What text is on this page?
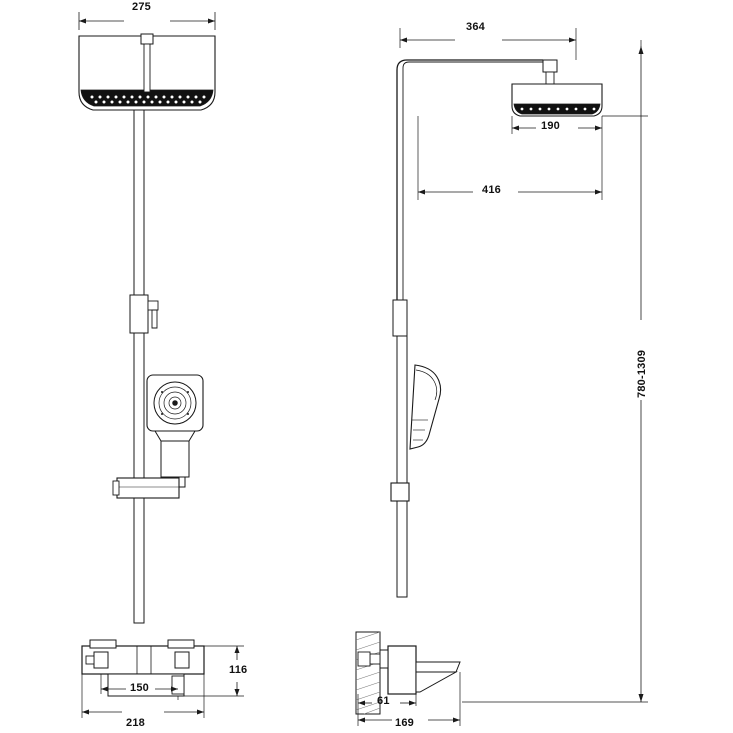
275
364
190
416
780-1309
116
150
218
61
169
